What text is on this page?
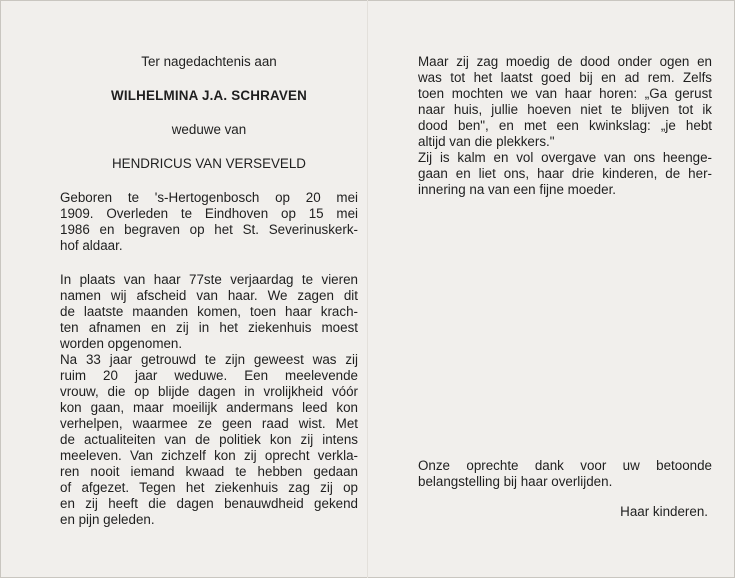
Ter nagedachtenis aan
WILHELMINA J.A. SCHRAVEN
weduwe van
HENDRICUS VAN VERSEVELD
Geboren te 's-Hertogenbosch op 20 mei
1909. Overleden te Eindhoven op 15 mei
1986 en begraven op het St. Severinuskerk-
hof aldaar.
In plaats van haar 77ste verjaardag te vieren
namen wij afscheid van haar. We zagen dit
de laatste maanden komen, toen haar krach-
ten afnamen en zij in het ziekenhuis moest
worden opgenomen.
Na 33 jaar getrouwd te zijn geweest was zij
ruim 20 jaar weduwe. Een meelevende
vrouw, die op blijde dagen in vrolijkheid vóór
kon gaan, maar moeilijk andermans leed kon
verhelpen, waarmee ze geen raad wist. Met
de actualiteiten van de politiek kon zij intens
meeleven. Van zichzelf kon zij oprecht verkla-
ren nooit iemand kwaad te hebben gedaan
of afgezet. Tegen het ziekenhuis zag zij op
en zij heeft die dagen benauwdheid gekend
en pijn geleden.
Maar zij zag moedig de dood onder ogen en
was tot het laatst goed bij en ad rem. Zelfs
toen mochten we van haar horen: „Ga gerust
naar huis, jullie hoeven niet te blijven tot ik
dood ben", en met een kwinkslag: „je hebt
altijd van die plekkers."
Zij is kalm en vol overgave van ons heenge-
gaan en liet ons, haar drie kinderen, de her-
innering na van een fijne moeder.
Onze oprechte dank voor uw betoonde
belangstelling bij haar overlijden.
Haar kinderen.
